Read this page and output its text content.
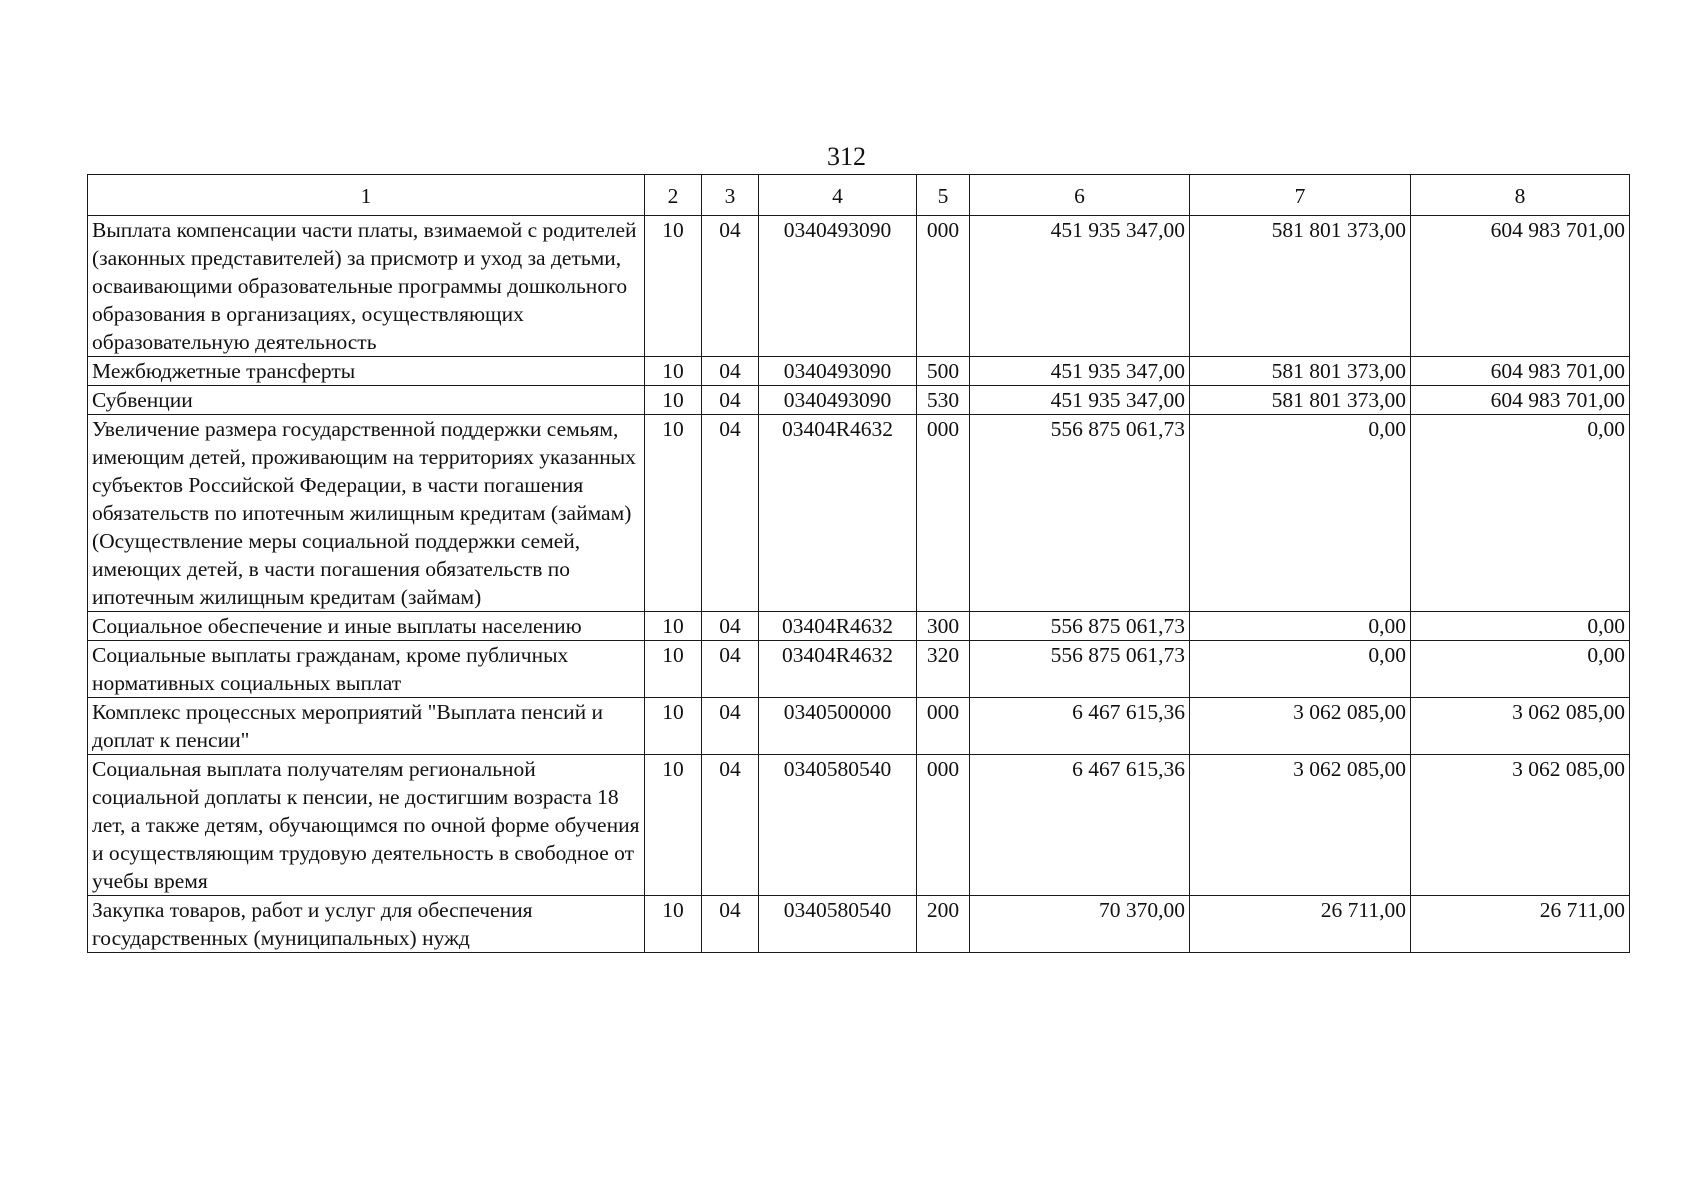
312
1	2	3	4	5	6	7	8
Выплата компенсации части платы, взимаемой с родителей (законных представителей) за присмотр и уход за детьми, осваивающими образовательные программы дошкольного образования в организациях, осуществляющих образовательную деятельность	10	04	0340493090	000	451 935 347,00	581 801 373,00	604 983 701,00
Межбюджетные трансферты	10	04	0340493090	500	451 935 347,00	581 801 373,00	604 983 701,00
Субвенции	10	04	0340493090	530	451 935 347,00	581 801 373,00	604 983 701,00
Увеличение размера государственной поддержки семьям, имеющим детей, проживающим на территориях указанных субъектов Российской Федерации, в части погашения обязательств по ипотечным жилищным кредитам (займам) (Осуществление меры социальной поддержки семей, имеющих детей, в части погашения обязательств по ипотечным жилищным кредитам (займам)	10	04	03404R4632	000	556 875 061,73	0,00	0,00
Социальное обеспечение и иные выплаты населению	10	04	03404R4632	300	556 875 061,73	0,00	0,00
Социальные выплаты гражданам, кроме публичных нормативных социальных выплат	10	04	03404R4632	320	556 875 061,73	0,00	0,00
Комплекс процессных мероприятий "Выплата пенсий и доплат к пенсии"	10	04	0340500000	000	6 467 615,36	3 062 085,00	3 062 085,00
Социальная выплата получателям региональной социальной доплаты к пенсии, не достигшим возраста 18 лет, а также детям, обучающимся по очной форме обучения и осуществляющим трудовую деятельность в свободное от учебы время	10	04	0340580540	000	6 467 615,36	3 062 085,00	3 062 085,00
Закупка товаров, работ и услуг для обеспечения государственных (муниципальных) нужд	10	04	0340580540	200	70 370,00	26 711,00	26 711,00
